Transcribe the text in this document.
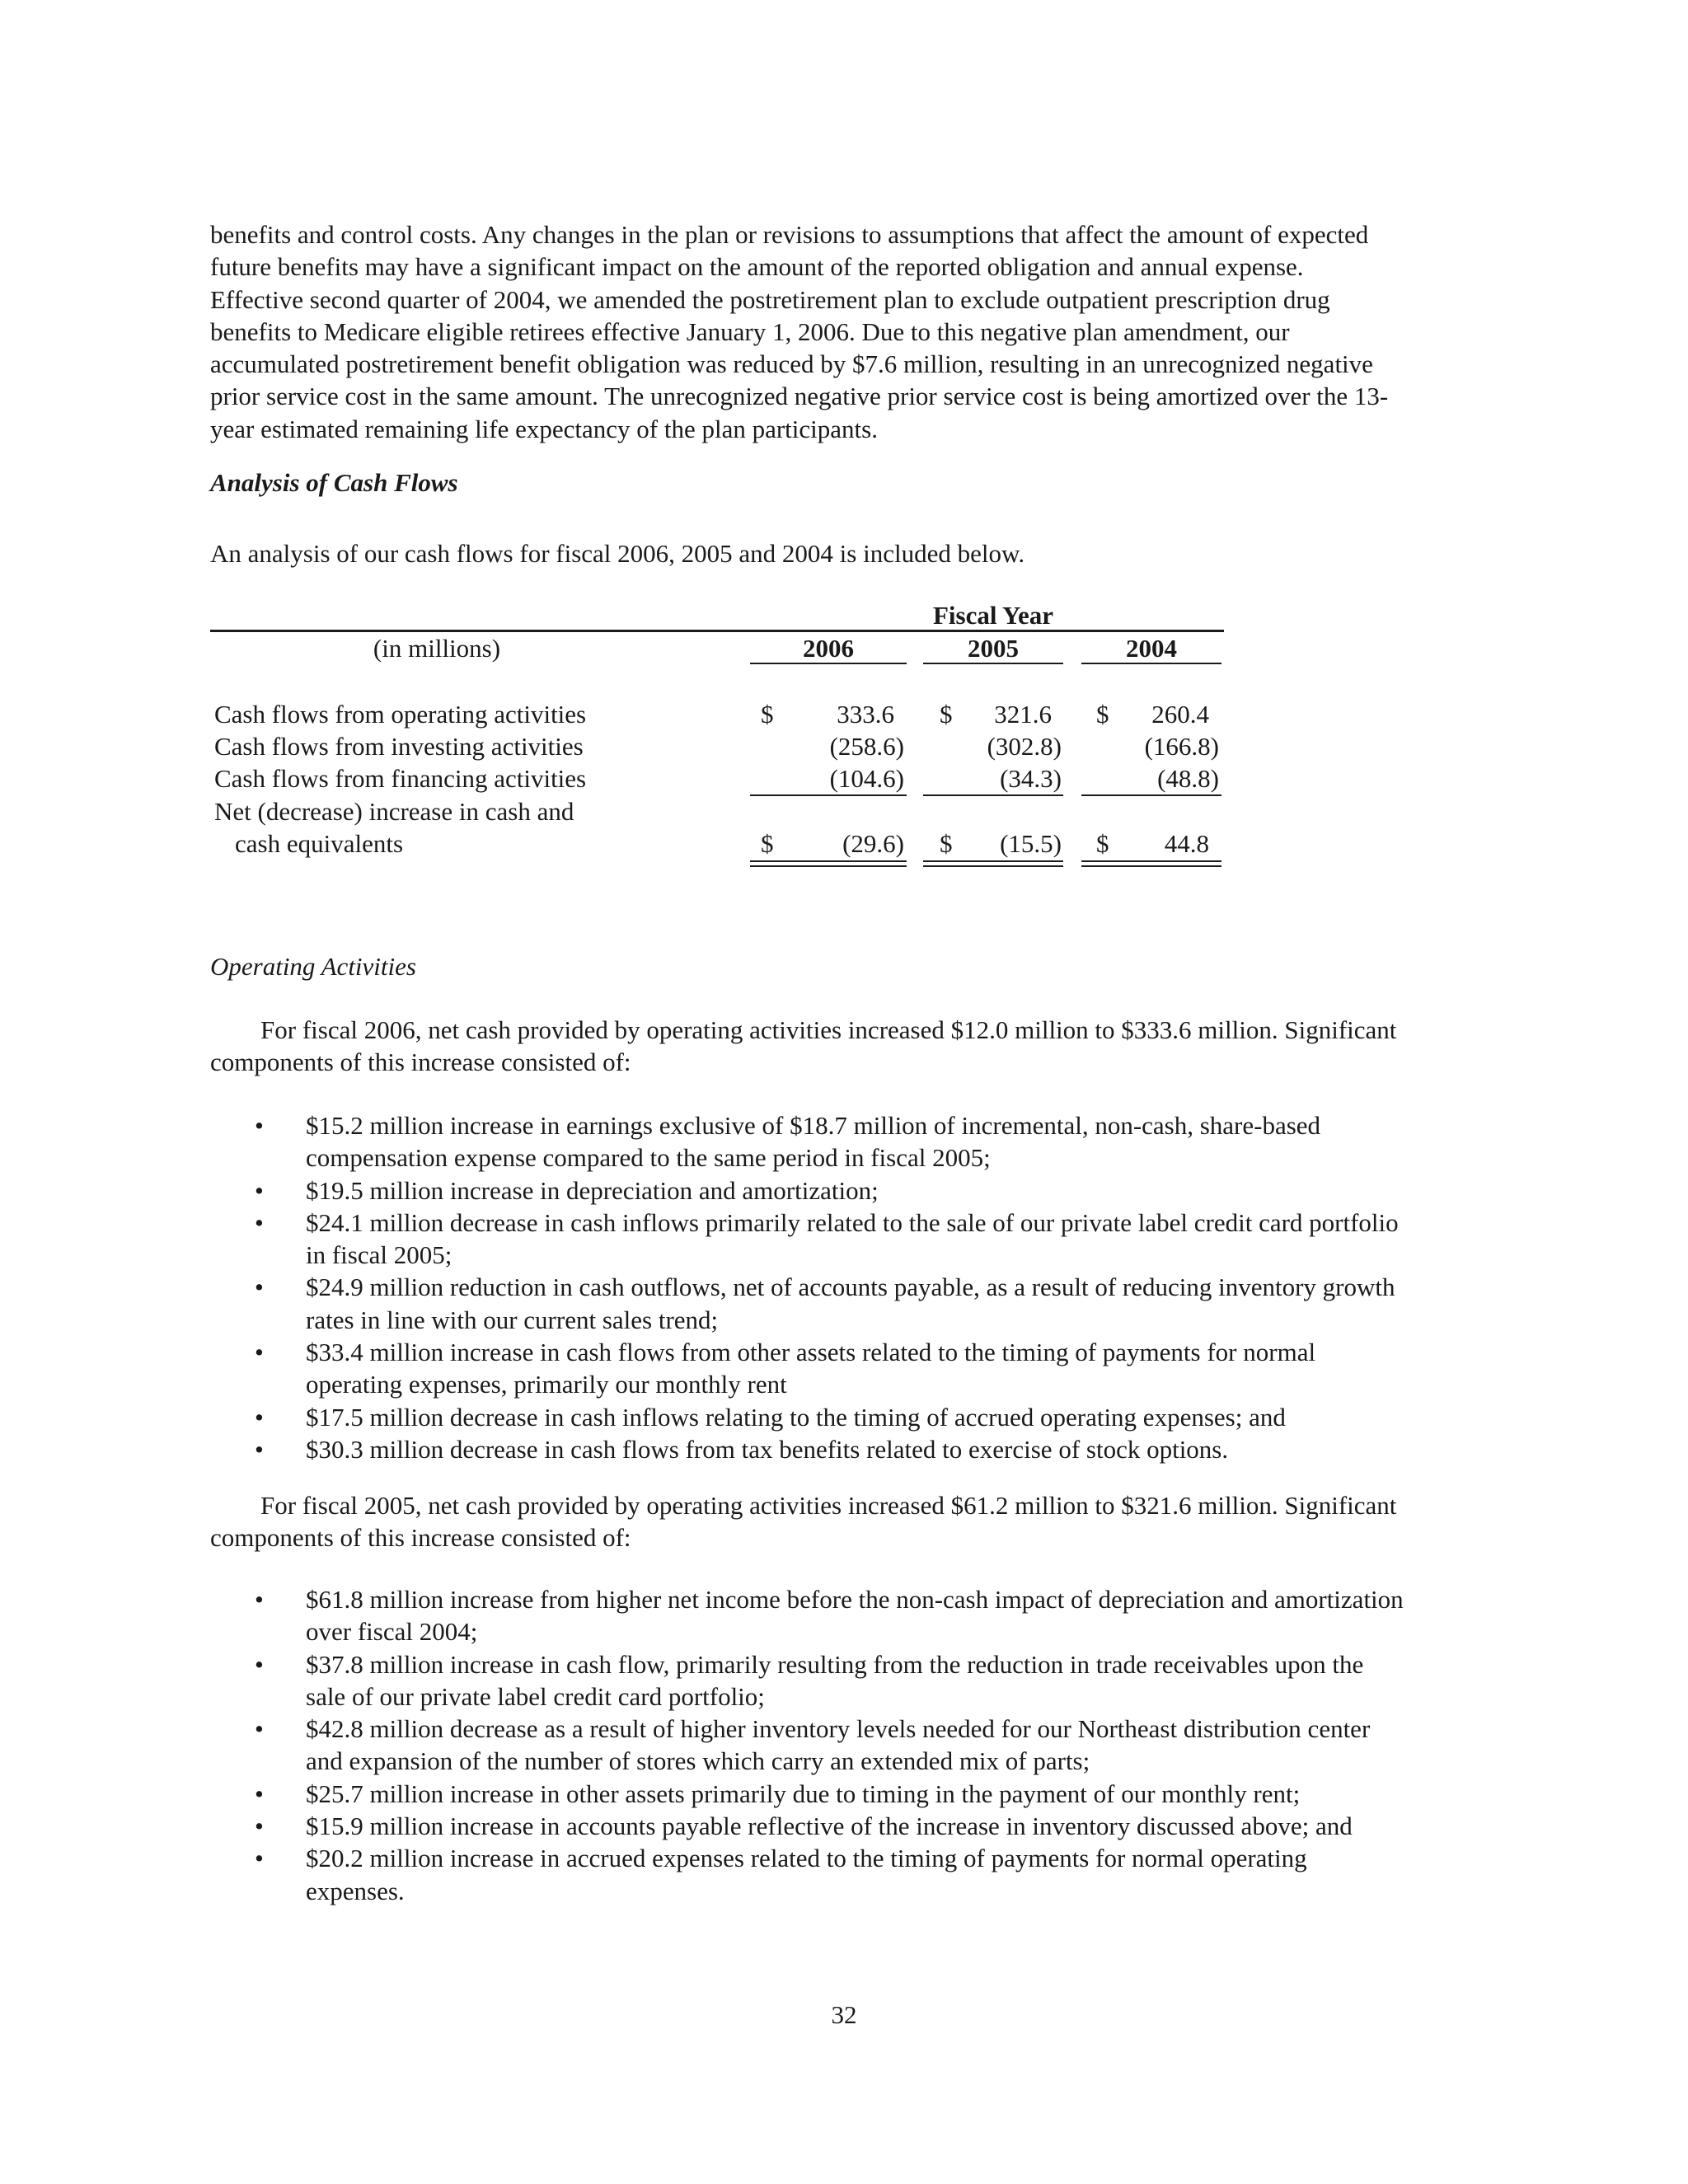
benefits and control costs. Any changes in the plan or revisions to assumptions that affect the amount of expected
future benefits may have a significant impact on the amount of the reported obligation and annual expense.
Effective second quarter of 2004, we amended the postretirement plan to exclude outpatient prescription drug
benefits to Medicare eligible retirees effective January 1, 2006. Due to this negative plan amendment, our
accumulated postretirement benefit obligation was reduced by $7.6 million, resulting in an unrecognized negative
prior service cost in the same amount. The unrecognized negative prior service cost is being amortized over the 13-
year estimated remaining life expectancy of the plan participants.
Analysis of Cash Flows
An analysis of our cash flows for fiscal 2006, 2005 and 2004 is included below.
Fiscal Year
(in millions)	2006	2005	2004
Cash flows from operating activities	$	333.6 $	321.6 $	260.4
Cash flows from investing activities	(258.6)	(302.8)	(166.8)
Cash flows from financing activities	(104.6)	(34.3)	(48.8)
Net (decrease) increase in cash and
cash equivalents	$	(29.6) $	(15.5) $	44.8
Operating Activities
For fiscal 2006, net cash provided by operating activities increased $12.0 million to $333.6 million. Significant
components of this increase consisted of:
• $15.2 million increase in earnings exclusive of $18.7 million of incremental, non-cash, share-based
compensation expense compared to the same period in fiscal 2005;
• $19.5 million increase in depreciation and amortization;
• $24.1 million decrease in cash inflows primarily related to the sale of our private label credit card portfolio
in fiscal 2005;
• $24.9 million reduction in cash outflows, net of accounts payable, as a result of reducing inventory growth
rates in line with our current sales trend;
• $33.4 million increase in cash flows from other assets related to the timing of payments for normal
operating expenses, primarily our monthly rent
• $17.5 million decrease in cash inflows relating to the timing of accrued operating expenses; and
• $30.3 million decrease in cash flows from tax benefits related to exercise of stock options.
For fiscal 2005, net cash provided by operating activities increased $61.2 million to $321.6 million. Significant
components of this increase consisted of:
• $61.8 million increase from higher net income before the non-cash impact of depreciation and amortization
over fiscal 2004;
• $37.8 million increase in cash flow, primarily resulting from the reduction in trade receivables upon the
sale of our private label credit card portfolio;
• $42.8 million decrease as a result of higher inventory levels needed for our Northeast distribution center
and expansion of the number of stores which carry an extended mix of parts;
• $25.7 million increase in other assets primarily due to timing in the payment of our monthly rent;
• $15.9 million increase in accounts payable reflective of the increase in inventory discussed above; and
• $20.2 million increase in accrued expenses related to the timing of payments for normal operating
expenses.
32
